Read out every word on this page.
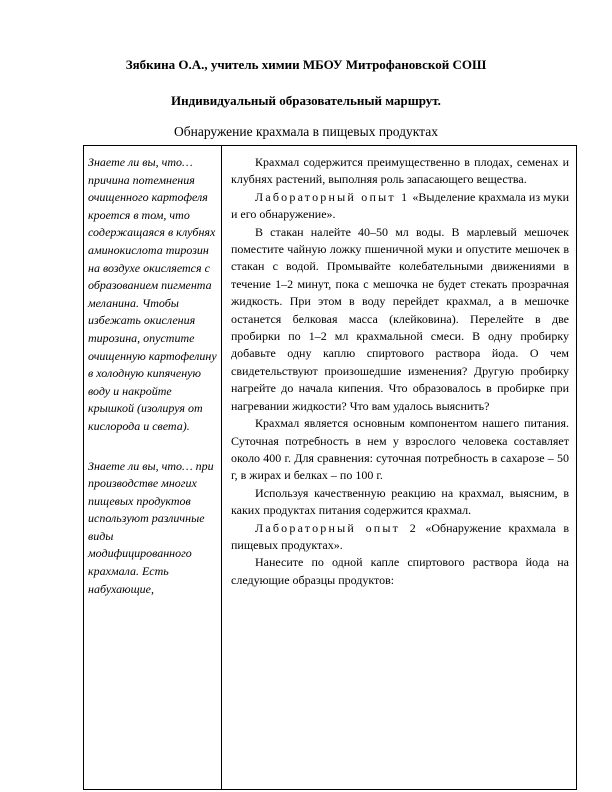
Зябкина О.А., учитель химии МБОУ Митрофановской СОШ
Индивидуальный образовательный маршрут.
Обнаружение крахмала в пищевых продуктах

Знаете ли вы, что… причина потемнения очищенного картофеля кроется в том, что содержащаяся в клубнях аминокислота тирозин на воздухе окисляется с образованием пигмента меланина. Чтобы избежать окисления тирозина, опустите очищенную картофелину в холодную кипяченую воду и накройте крышкой (изолируя от кислорода и света).

Знаете ли вы, что… при производстве многих пищевых продуктов используют различные виды модифицированного крахмала. Есть набухающие,

Крахмал содержится преимущественно в плодах, семенах и клубнях растений, выполняя роль запасающего вещества.

Лабораторный опыт 1 «Выделение крахмала из муки и его обнаружение».

В стакан налейте 40–50 мл воды. В марлевый мешочек поместите чайную ложку пшеничной муки и опустите мешочек в стакан с водой. Промывайте колебательными движениями в течение 1–2 минут, пока с мешочка не будет стекать прозрачная жидкость. При этом в воду перейдет крахмал, а в мешочке останется белковая масса (клейковина). Перелейте в две пробирки по 1–2 мл крахмальной смеси. В одну пробирку добавьте одну каплю спиртового раствора йода. О чем свидетельствуют произошедшие изменения? Другую пробирку нагрейте до начала кипения. Что образовалось в пробирке при нагревании жидкости? Что вам удалось выяснить?

Крахмал является основным компонентом нашего питания. Суточная потребность в нем у взрослого человека составляет около 400 г. Для сравнения: суточная потребность в сахарозе – 50 г, в жирах и белках – по 100 г.

Используя качественную реакцию на крахмал, выясним, в каких продуктах питания содержится крахмал.

Лабораторный опыт 2 «Обнаружение крахмала в пищевых продуктах».

Нанесите по одной капле спиртового раствора йода на следующие образцы продуктов:
